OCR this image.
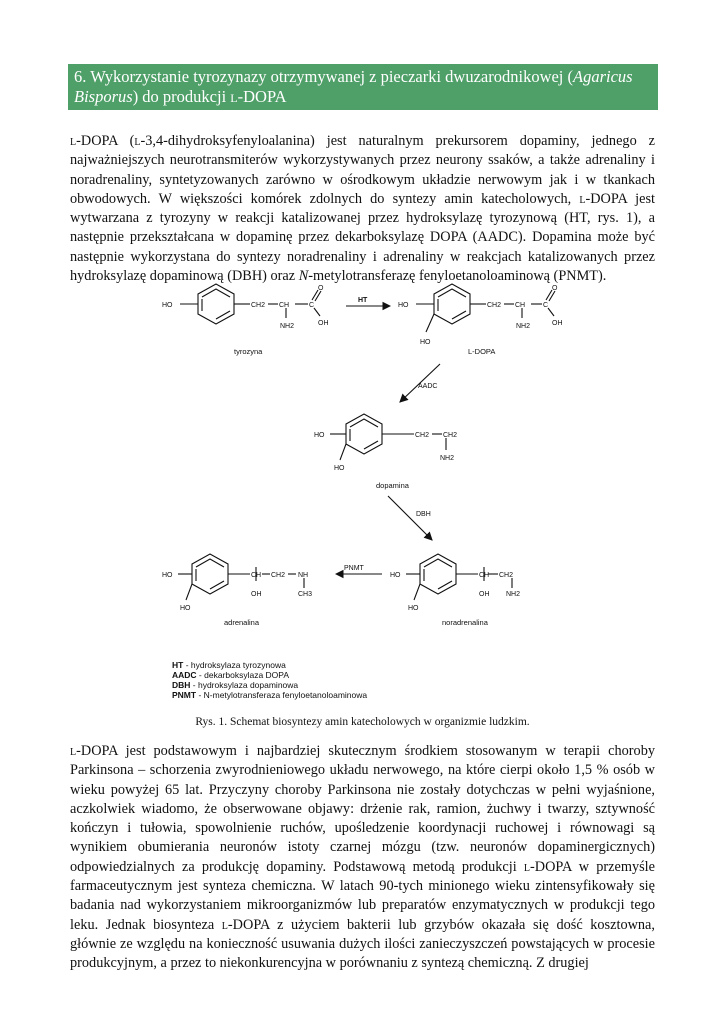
6. Wykorzystanie tyrozynazy otrzymywanej z pieczarki dwuzarodnikowej (Agaricus Bisporus) do produkcji l-DOPA
l-DOPA (l-3,4-dihydroksyfenyloalanina) jest naturalnym prekursorem dopaminy, jednego z najważniejszych neurotransmiterów wykorzystywanych przez neurony ssaków, a także adrenaliny i noradrenaliny, syntetyzowanych zarówno w ośrodkowym układzie nerwowym jak i w tkankach obwodowych. W większości komórek zdolnych do syntezy amin katecholowych, l-DOPA jest wytwarzana z tyrozyny w reakcji katalizowanej przez hydroksylazę tyrozynową (HT, rys. 1), a następnie przekształcana w dopaminę przez dekarboksylazę DOPA (AADC). Dopamina może być następnie wykorzystana do syntezy noradrenaliny i adrenaliny w reakcjach katalizowanych przez hydroksylazę dopaminową (DBH) oraz N-metylotransferazę fenyloetanoloaminową (PNMT).
HO	CH2 CH	C
O
OH
NH2
tyrozyna
HT
HO
HO
CH2 CH	C
O
OH
NH2
L-DOPA
AADC
HO
HO
CH2 CH2
NH2
dopamina
DBH
HO
HO
CH
OH
CH2
NH2
noradrenalina
PNMT
HO
HO
CH
OH
CH2 NH
CH3
adrenalina
HT - hydroksylaza tyrozynowa
AADC - dekarboksylaza DOPA
DBH - hydroksylaza dopaminowa
PNMT - N-metylotransferaza fenyloetanoloaminowa
Rys. 1. Schemat biosyntezy amin katecholowych w organizmie ludzkim.
l-DOPA jest podstawowym i najbardziej skutecznym środkiem stosowanym w terapii choroby Parkinsona – schorzenia zwyrodnieniowego układu nerwowego, na które cierpi około 1,5 % osób w wieku powyżej 65 lat. Przyczyny choroby Parkinsona nie zostały dotychczas w pełni wyjaśnione, aczkolwiek wiadomo, że obserwowane objawy: drżenie rak, ramion, żuchwy i twarzy, sztywność kończyn i tułowia, spowolnienie ruchów, upośledzenie koordynacji ruchowej i równowagi są wynikiem obumierania neuronów istoty czarnej mózgu (tzw. neuronów dopaminergicznych) odpowiedzialnych za produkcję dopaminy. Podstawową metodą produkcji l-DOPA w przemyśle farmaceutycznym jest synteza chemiczna. W latach 90-tych minionego wieku zintensyfikowały się badania nad wykorzystaniem mikroorganizmów lub preparatów enzymatycznych w produkcji tego leku. Jednak biosynteza l-DOPA z użyciem bakterii lub grzybów okazała się dość kosztowna, głównie ze względu na konieczność usuwania dużych ilości zanieczyszczeń powstających w procesie produkcyjnym, a przez to niekonkurencyjna w porównaniu z syntezą chemiczną. Z drugiej
